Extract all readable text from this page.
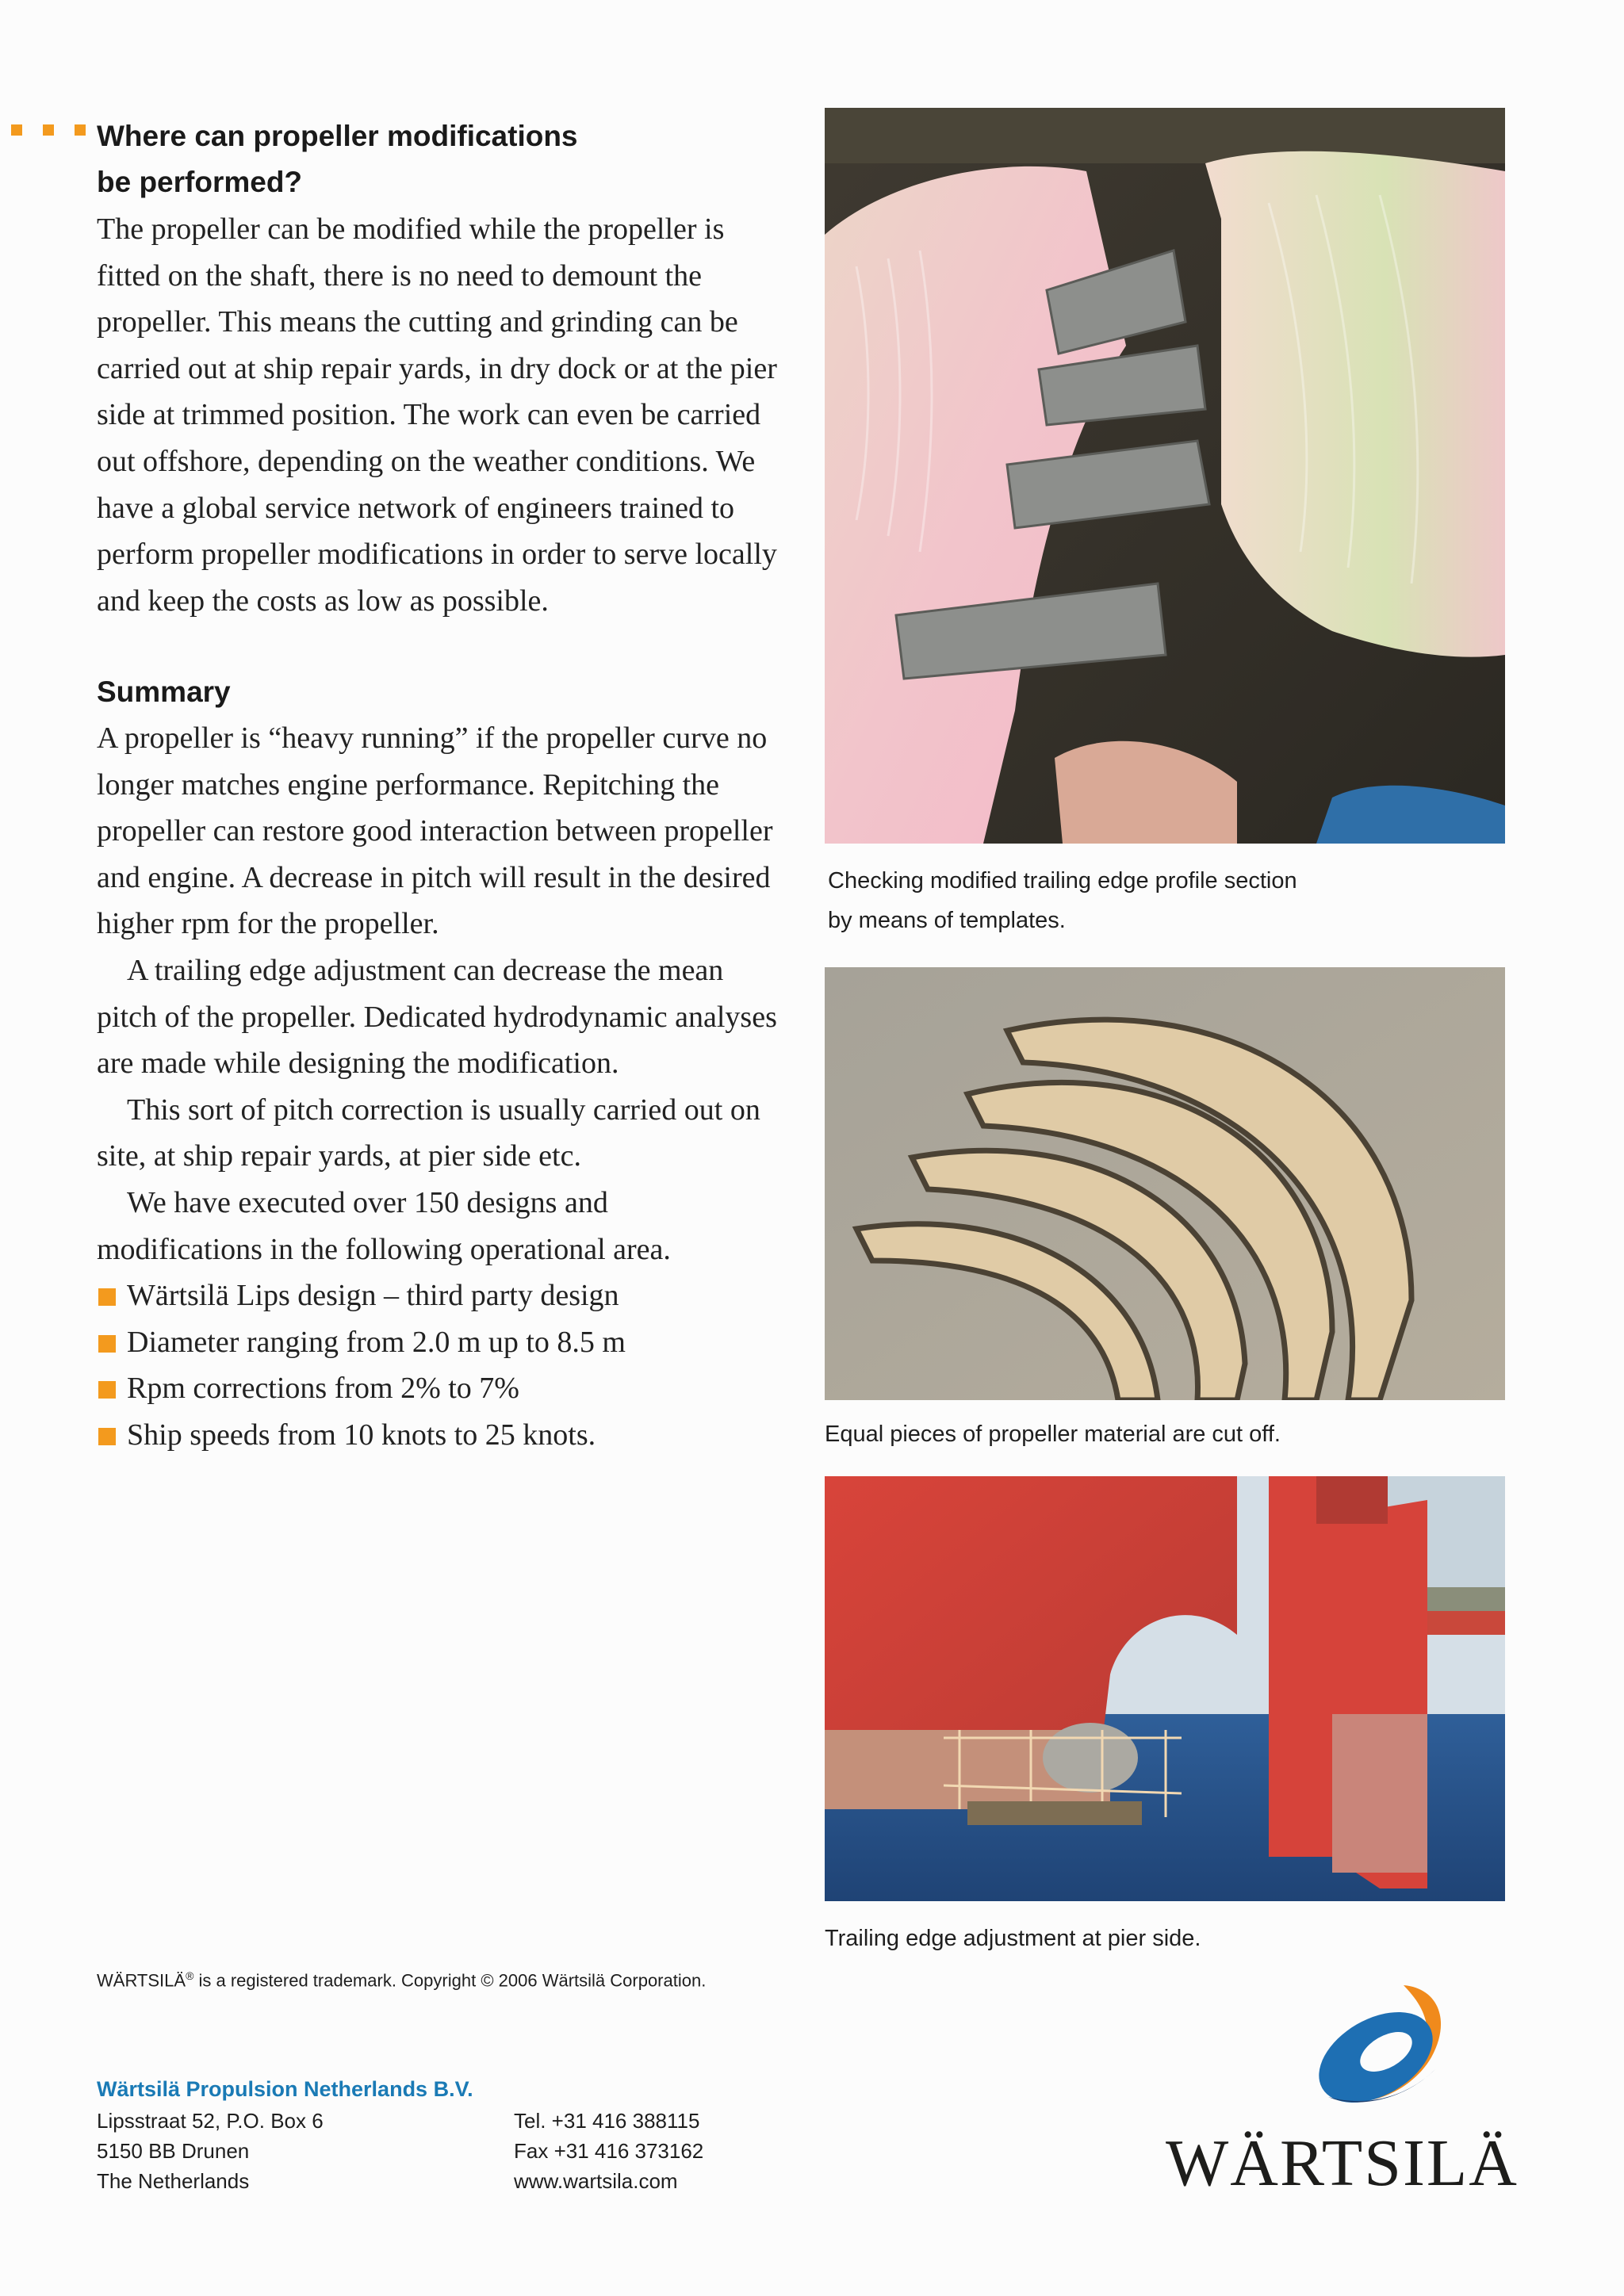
Where can propeller modifications
be performed?

The propeller can be modified while the propeller is fitted on the shaft, there is no need to demount the propeller. This means the cutting and grinding can be carried out at ship repair yards, in dry dock or at the pier side at trimmed position. The work can even be carried out offshore, depending on the weather conditions. We have a global service network of engineers trained to perform propeller modifications in order to serve locally and keep the costs as low as possible.

Summary

A propeller is “heavy running” if the propeller curve no longer matches engine performance. Repitching the propeller can restore good interaction between propeller and engine. A decrease in pitch will result in the desired higher rpm for the propeller.

A trailing edge adjustment can decrease the mean pitch of the propeller. Dedicated hydrodynamic analyses are made while designing the modification.

This sort of pitch correction is usually carried out on site, at ship repair yards, at pier side etc.

We have executed over 150 designs and modifications in the following operational area.

Wärtsilä Lips design – third party design
Diameter ranging from 2.0 m up to 8.5 m
Rpm corrections from 2% to 7%
Ship speeds from 10 knots to 25 knots.
Checking modified trailing edge profile section
by means of templates.
Equal pieces of propeller material are cut off.
Trailing edge adjustment at pier side.
WÄRTSILÄ® is a registered trademark. Copyright © 2006 Wärtsilä Corporation.
Wärtsilä Propulsion Netherlands B.V.
Lipsstraat 52, P.O. Box 6
5150 BB Drunen
The Netherlands
Tel. +31 416 388115
Fax +31 416 373162
www.wartsila.com	WÄRTSILÄ
